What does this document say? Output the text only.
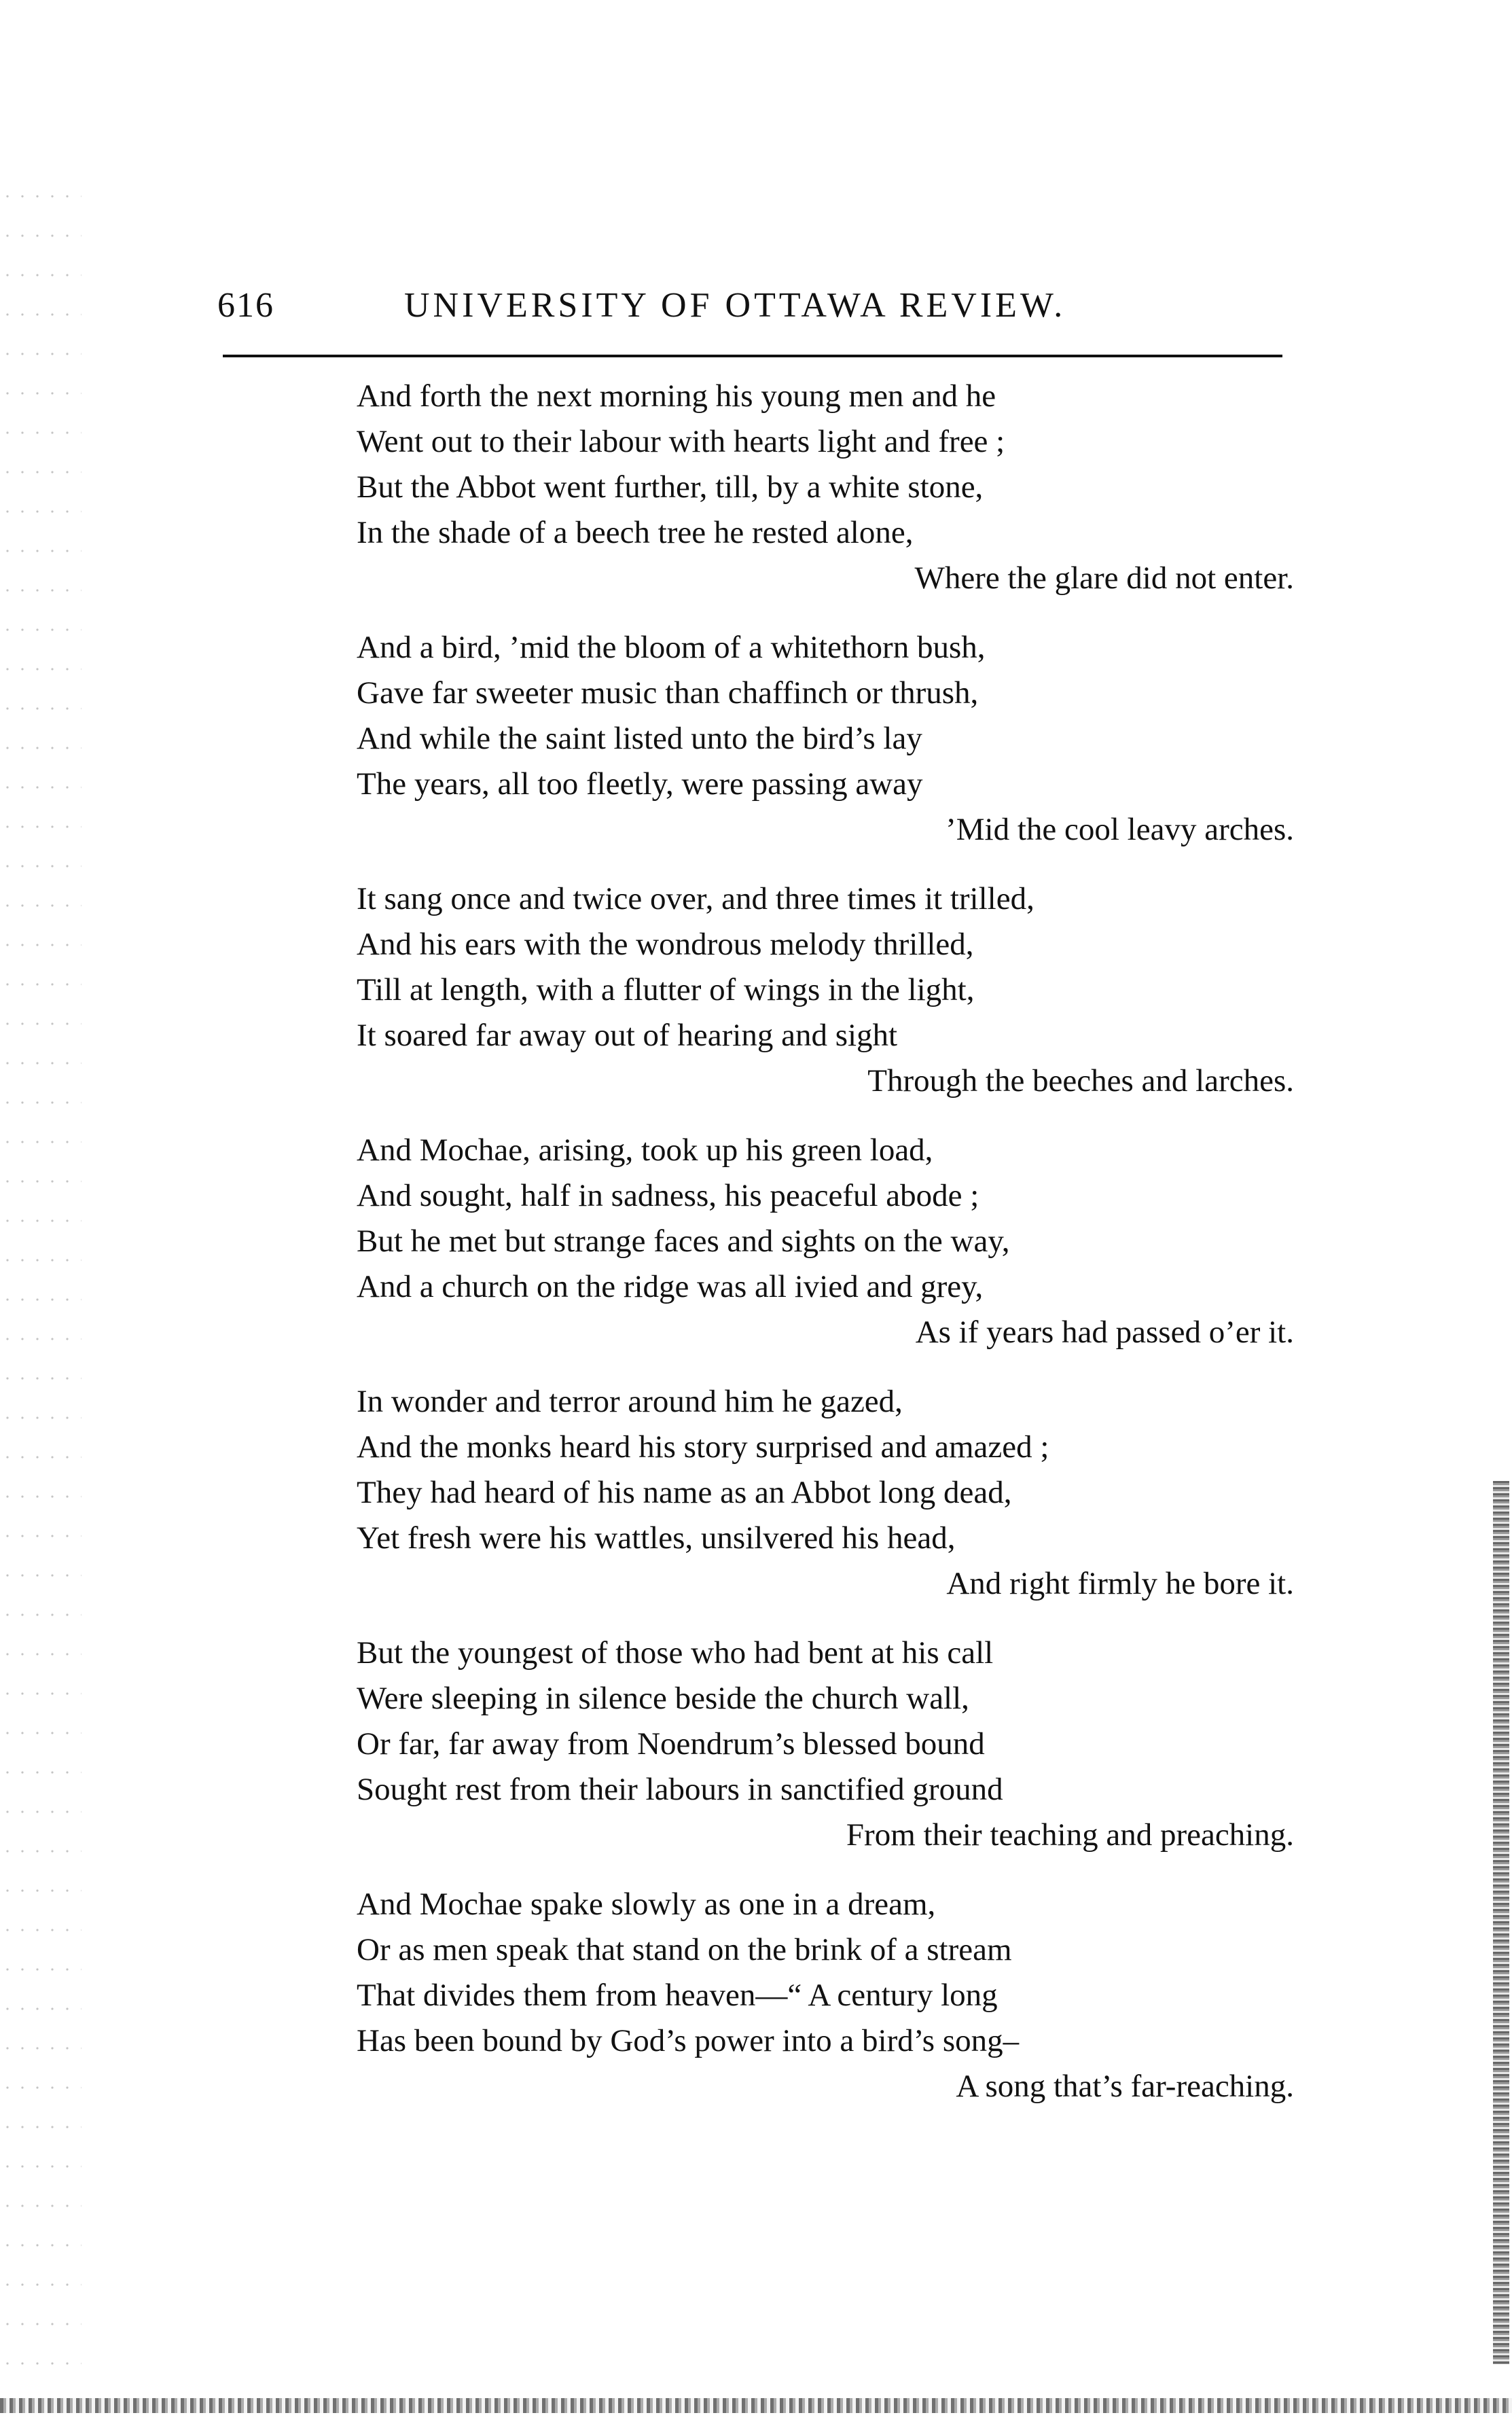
616	UNIVERSITY OF OTTAWA REVIEW.
And forth the next morning his young men and he
Went out to their labour with hearts light and free ;
But the Abbot went further, till, by a white stone,
In the shade of a beech tree he rested alone,
Where the glare did not enter.
And a bird, ’mid the bloom of a whitethorn bush,
Gave far sweeter music than chaffinch or thrush,
And while the saint listed unto the bird’s lay
The years, all too fleetly, were passing away
’Mid the cool leavy arches.
It sang once and twice over, and three times it trilled,
And his ears with the wondrous melody thrilled,
Till at length, with a flutter of wings in the light,
It soared far away out of hearing and sight
Through the beeches and larches.
And Mochae, arising, took up his green load,
And sought, half in sadness, his peaceful abode ;
But he met but strange faces and sights on the way,
And a church on the ridge was all ivied and grey,
As if years had passed o’er it.
In wonder and terror around him he gazed,
And the monks heard his story surprised and amazed ;
They had heard of his name as an Abbot long dead,
Yet fresh were his wattles, unsilvered his head,
And right firmly he bore it.
But the youngest of those who had bent at his call
Were sleeping in silence beside the church wall,
Or far, far away from Noendrum’s blessed bound
Sought rest from their labours in sanctified ground
From their teaching and preaching.
And Mochae spake slowly as one in a dream,
Or as men speak that stand on the brink of a stream
That divides them from heaven—“ A century long
Has been bound by God’s power into a bird’s song–
A song that’s far-reaching.
